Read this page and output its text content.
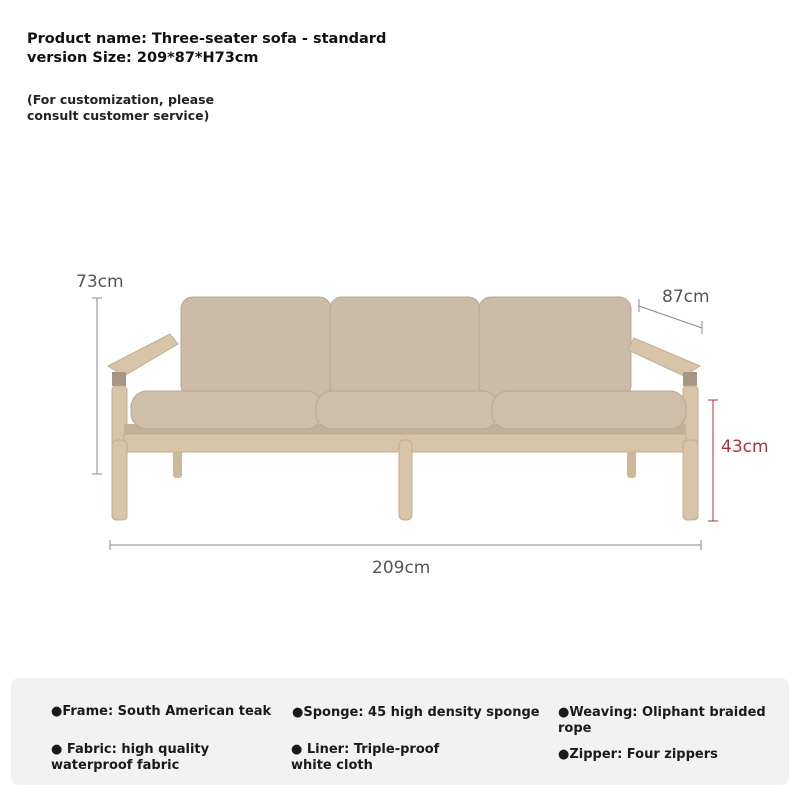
Product name: Three-seater sofa - standard
version Size: 209*87*H73cm
(For customization, please
consult customer service)
73cm
87cm
43cm
209cm
●Frame: South American teak ●Sponge: 45 high density sponge ●Weaving: Oliphant braided rope
● Fabric: high quality
waterproof fabric
● Liner: Triple-proof
white cloth
●Zipper: Four zippers
